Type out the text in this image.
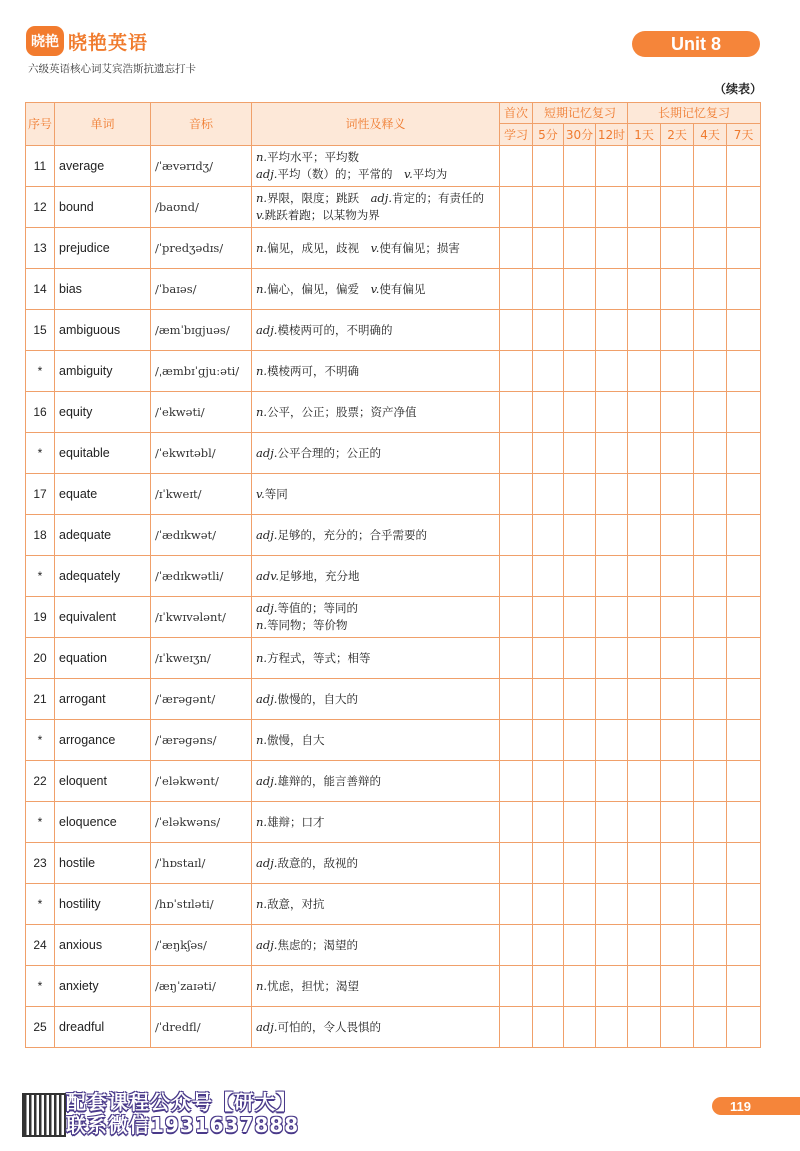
晓艳 晓艳英语
六级英语核心词艾宾浩斯抗遗忘打卡
Unit 8
（续表）
序号	单词	音标	词性及释义	首次	短期记忆复习			长期记忆复习			
				学习	5分	30分	12时	1天	2天	4天	7天
11	average	/ˈævərɪdʒ/	n.平均水平；平均数
adj.平均（数）的；平常的　v.平均为								
12	bound	/baʊnd/	n.界限，限度；跳跃　adj.肯定的；有责任的　v.跳跃着跑；以某物为界								
13	prejudice	/ˈpredʒədɪs/	n.偏见，成见，歧视　v.使有偏见；损害								
14	bias	/ˈbaɪəs/	n.偏心，偏见，偏爱　v.使有偏见								
15	ambiguous	/æmˈbɪɡjuəs/	adj.模棱两可的，不明确的								
*	ambiguity	/ˌæmbɪˈɡjuːəti/	n.模棱两可，不明确								
16	equity	/ˈekwəti/	n.公平，公正；股票；资产净值								
*	equitable	/ˈekwɪtəbl/	adj.公平合理的；公正的								
17	equate	/ɪˈkweɪt/	v.等同								
18	adequate	/ˈædɪkwət/	adj.足够的，充分的；合乎需要的								
*	adequately	/ˈædɪkwətli/	adv.足够地，充分地								
19	equivalent	/ɪˈkwɪvələnt/	adj.等值的；等同的
n.等同物；等价物								
20	equation	/ɪˈkweɪʒn/	n.方程式，等式；相等								
21	arrogant	/ˈærəɡənt/	adj.傲慢的，自大的								
*	arrogance	/ˈærəɡəns/	n.傲慢，自大								
22	eloquent	/ˈeləkwənt/	adj.雄辩的，能言善辩的								
*	eloquence	/ˈeləkwəns/	n.雄辩；口才								
23	hostile	/ˈhɒstaɪl/	adj.敌意的，敌视的								
*	hostility	/hɒˈstɪləti/	n.敌意，对抗								
24	anxious	/ˈæŋkʃəs/	adj.焦虑的；渴望的								
*	anxiety	/æŋˈzaɪəti/	n.忧虑，担忧；渴望								
25	dreadful	/ˈdredfl/	adj.可怕的，令人畏惧的								
配套课程公众号【研大】
联系微信1931637888
119
